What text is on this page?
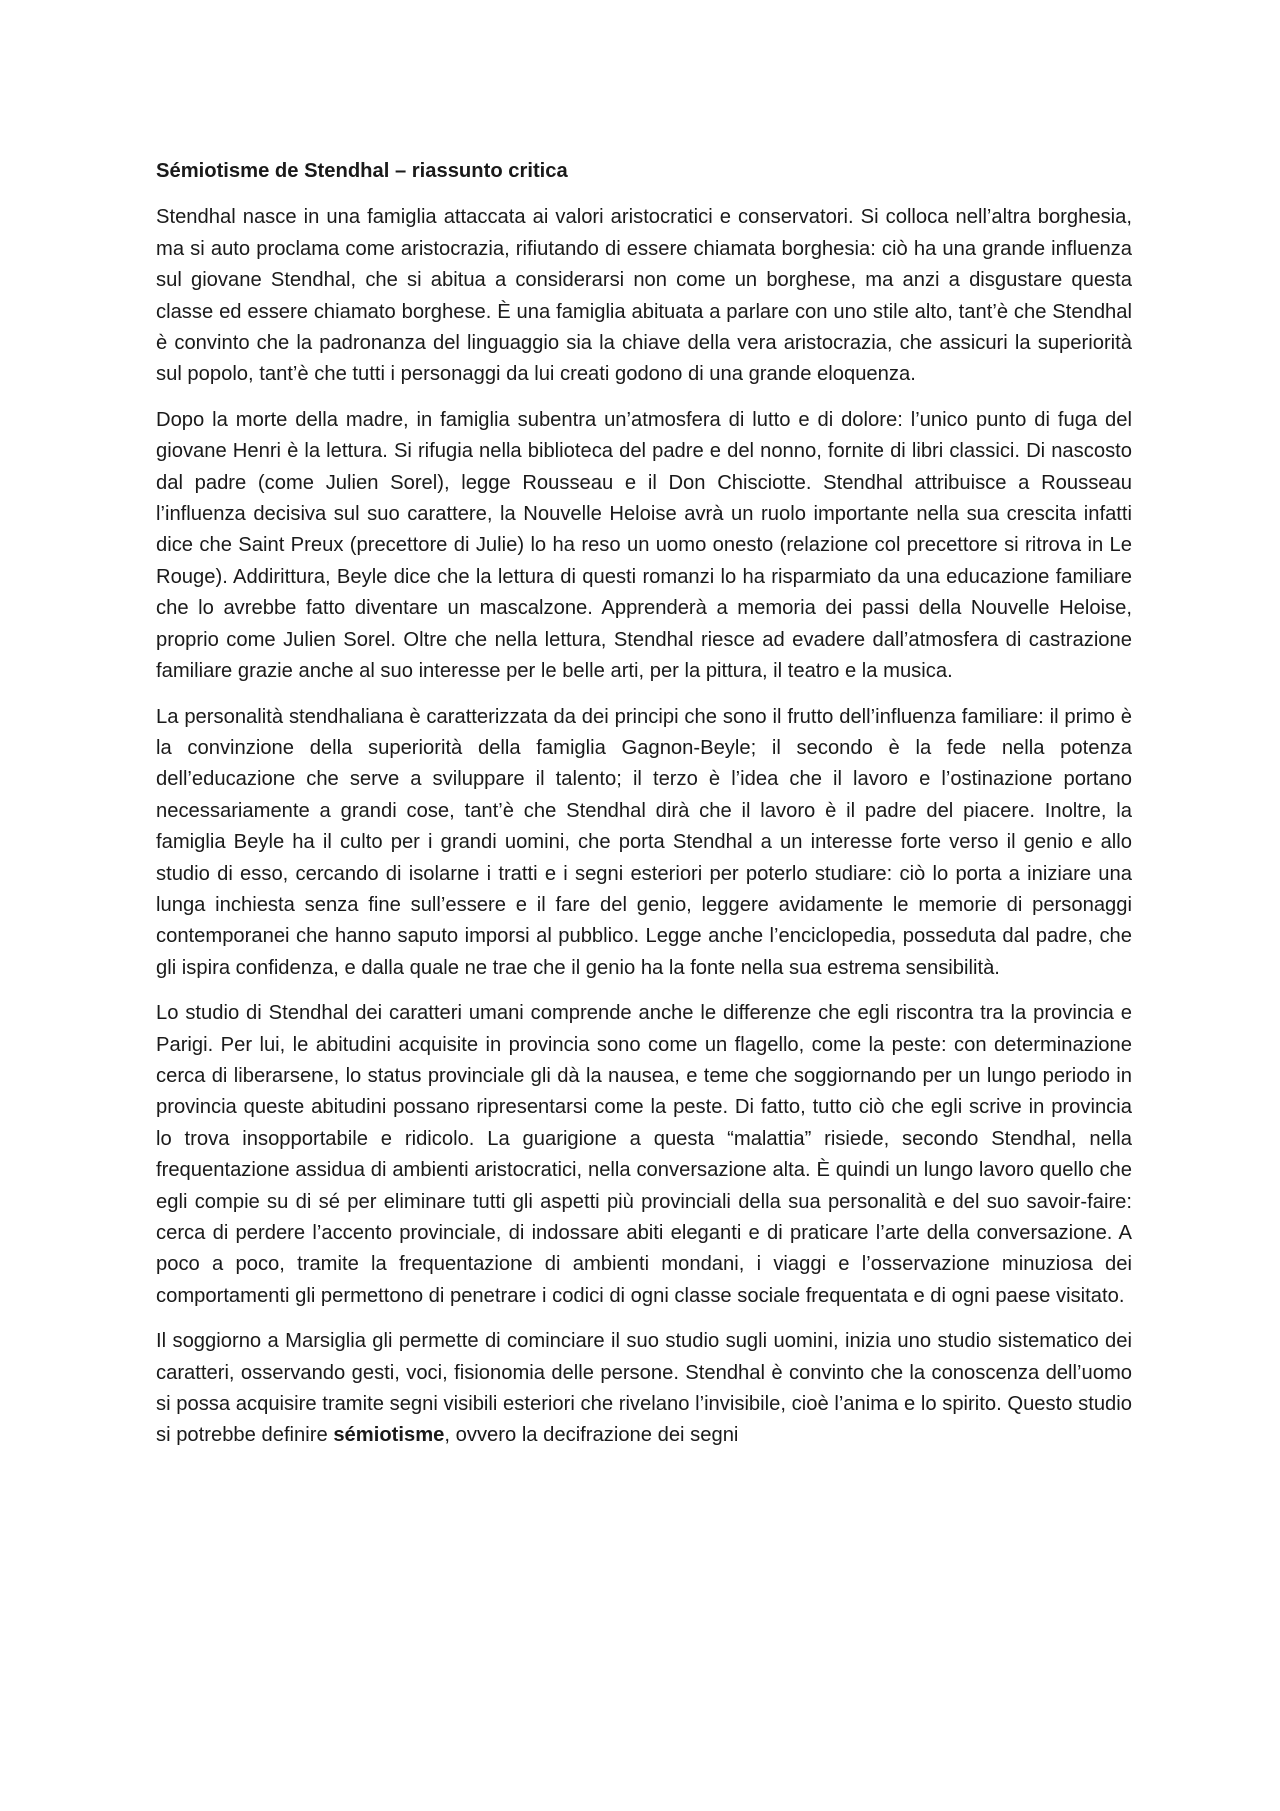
Sémiotisme de Stendhal – riassunto critica

Stendhal nasce in una famiglia attaccata ai valori aristocratici e conservatori. Si colloca nell’altra borghesia, ma si auto proclama come aristocrazia, rifiutando di essere chiamata borghesia: ciò ha una grande influenza sul giovane Stendhal, che si abitua a considerarsi non come un borghese, ma anzi a disgustare questa classe ed essere chiamato borghese. È una famiglia abituata a parlare con uno stile alto, tant’è che Stendhal è convinto che la padronanza del linguaggio sia la chiave della vera aristocrazia, che assicuri la superiorità sul popolo, tant’è che tutti i personaggi da lui creati godono di una grande eloquenza.

Dopo la morte della madre, in famiglia subentra un’atmosfera di lutto e di dolore: l’unico punto di fuga del giovane Henri è la lettura. Si rifugia nella biblioteca del padre e del nonno, fornite di libri classici. Di nascosto dal padre (come Julien Sorel), legge Rousseau e il Don Chisciotte. Stendhal attribuisce a Rousseau l’influenza decisiva sul suo carattere, la Nouvelle Heloise avrà un ruolo importante nella sua crescita infatti dice che Saint Preux (precettore di Julie) lo ha reso un uomo onesto (relazione col precettore si ritrova in Le Rouge). Addirittura, Beyle dice che la lettura di questi romanzi lo ha risparmiato da una educazione familiare che lo avrebbe fatto diventare un mascalzone. Apprenderà a memoria dei passi della Nouvelle Heloise, proprio come Julien Sorel. Oltre che nella lettura, Stendhal riesce ad evadere dall’atmosfera di castrazione familiare grazie anche al suo interesse per le belle arti, per la pittura, il teatro e la musica.

La personalità stendhaliana è caratterizzata da dei principi che sono il frutto dell’influenza familiare: il primo è la convinzione della superiorità della famiglia Gagnon-Beyle; il secondo è la fede nella potenza dell’educazione che serve a sviluppare il talento; il terzo è l’idea che il lavoro e l’ostinazione portano necessariamente a grandi cose, tant’è che Stendhal dirà che il lavoro è il padre del piacere. Inoltre, la famiglia Beyle ha il culto per i grandi uomini, che porta Stendhal a un interesse forte verso il genio e allo studio di esso, cercando di isolarne i tratti e i segni esteriori per poterlo studiare: ciò lo porta a iniziare una lunga inchiesta senza fine sull’essere e il fare del genio, leggere avidamente le memorie di personaggi contemporanei che hanno saputo imporsi al pubblico. Legge anche l’enciclopedia, posseduta dal padre, che gli ispira confidenza, e dalla quale ne trae che il genio ha la fonte nella sua estrema sensibilità.

Lo studio di Stendhal dei caratteri umani comprende anche le differenze che egli riscontra tra la provincia e Parigi. Per lui, le abitudini acquisite in provincia sono come un flagello, come la peste: con determinazione cerca di liberarsene, lo status provinciale gli dà la nausea, e teme che soggiornando per un lungo periodo in provincia queste abitudini possano ripresentarsi come la peste. Di fatto, tutto ciò che egli scrive in provincia lo trova insopportabile e ridicolo. La guarigione a questa “malattia” risiede, secondo Stendhal, nella frequentazione assidua di ambienti aristocratici, nella conversazione alta. È quindi un lungo lavoro quello che egli compie su di sé per eliminare tutti gli aspetti più provinciali della sua personalità e del suo savoir-faire: cerca di perdere l’accento provinciale, di indossare abiti eleganti e di praticare l’arte della conversazione. A poco a poco, tramite la frequentazione di ambienti mondani, i viaggi e l’osservazione minuziosa dei comportamenti gli permettono di penetrare i codici di ogni classe sociale frequentata e di ogni paese visitato.

Il soggiorno a Marsiglia gli permette di cominciare il suo studio sugli uomini, inizia uno studio sistematico dei caratteri, osservando gesti, voci, fisionomia delle persone. Stendhal è convinto che la conoscenza dell’uomo si possa acquisire tramite segni visibili esteriori che rivelano l’invisibile, cioè l’anima e lo spirito. Questo studio si potrebbe definire sémiotisme, ovvero la decifrazione dei segni
